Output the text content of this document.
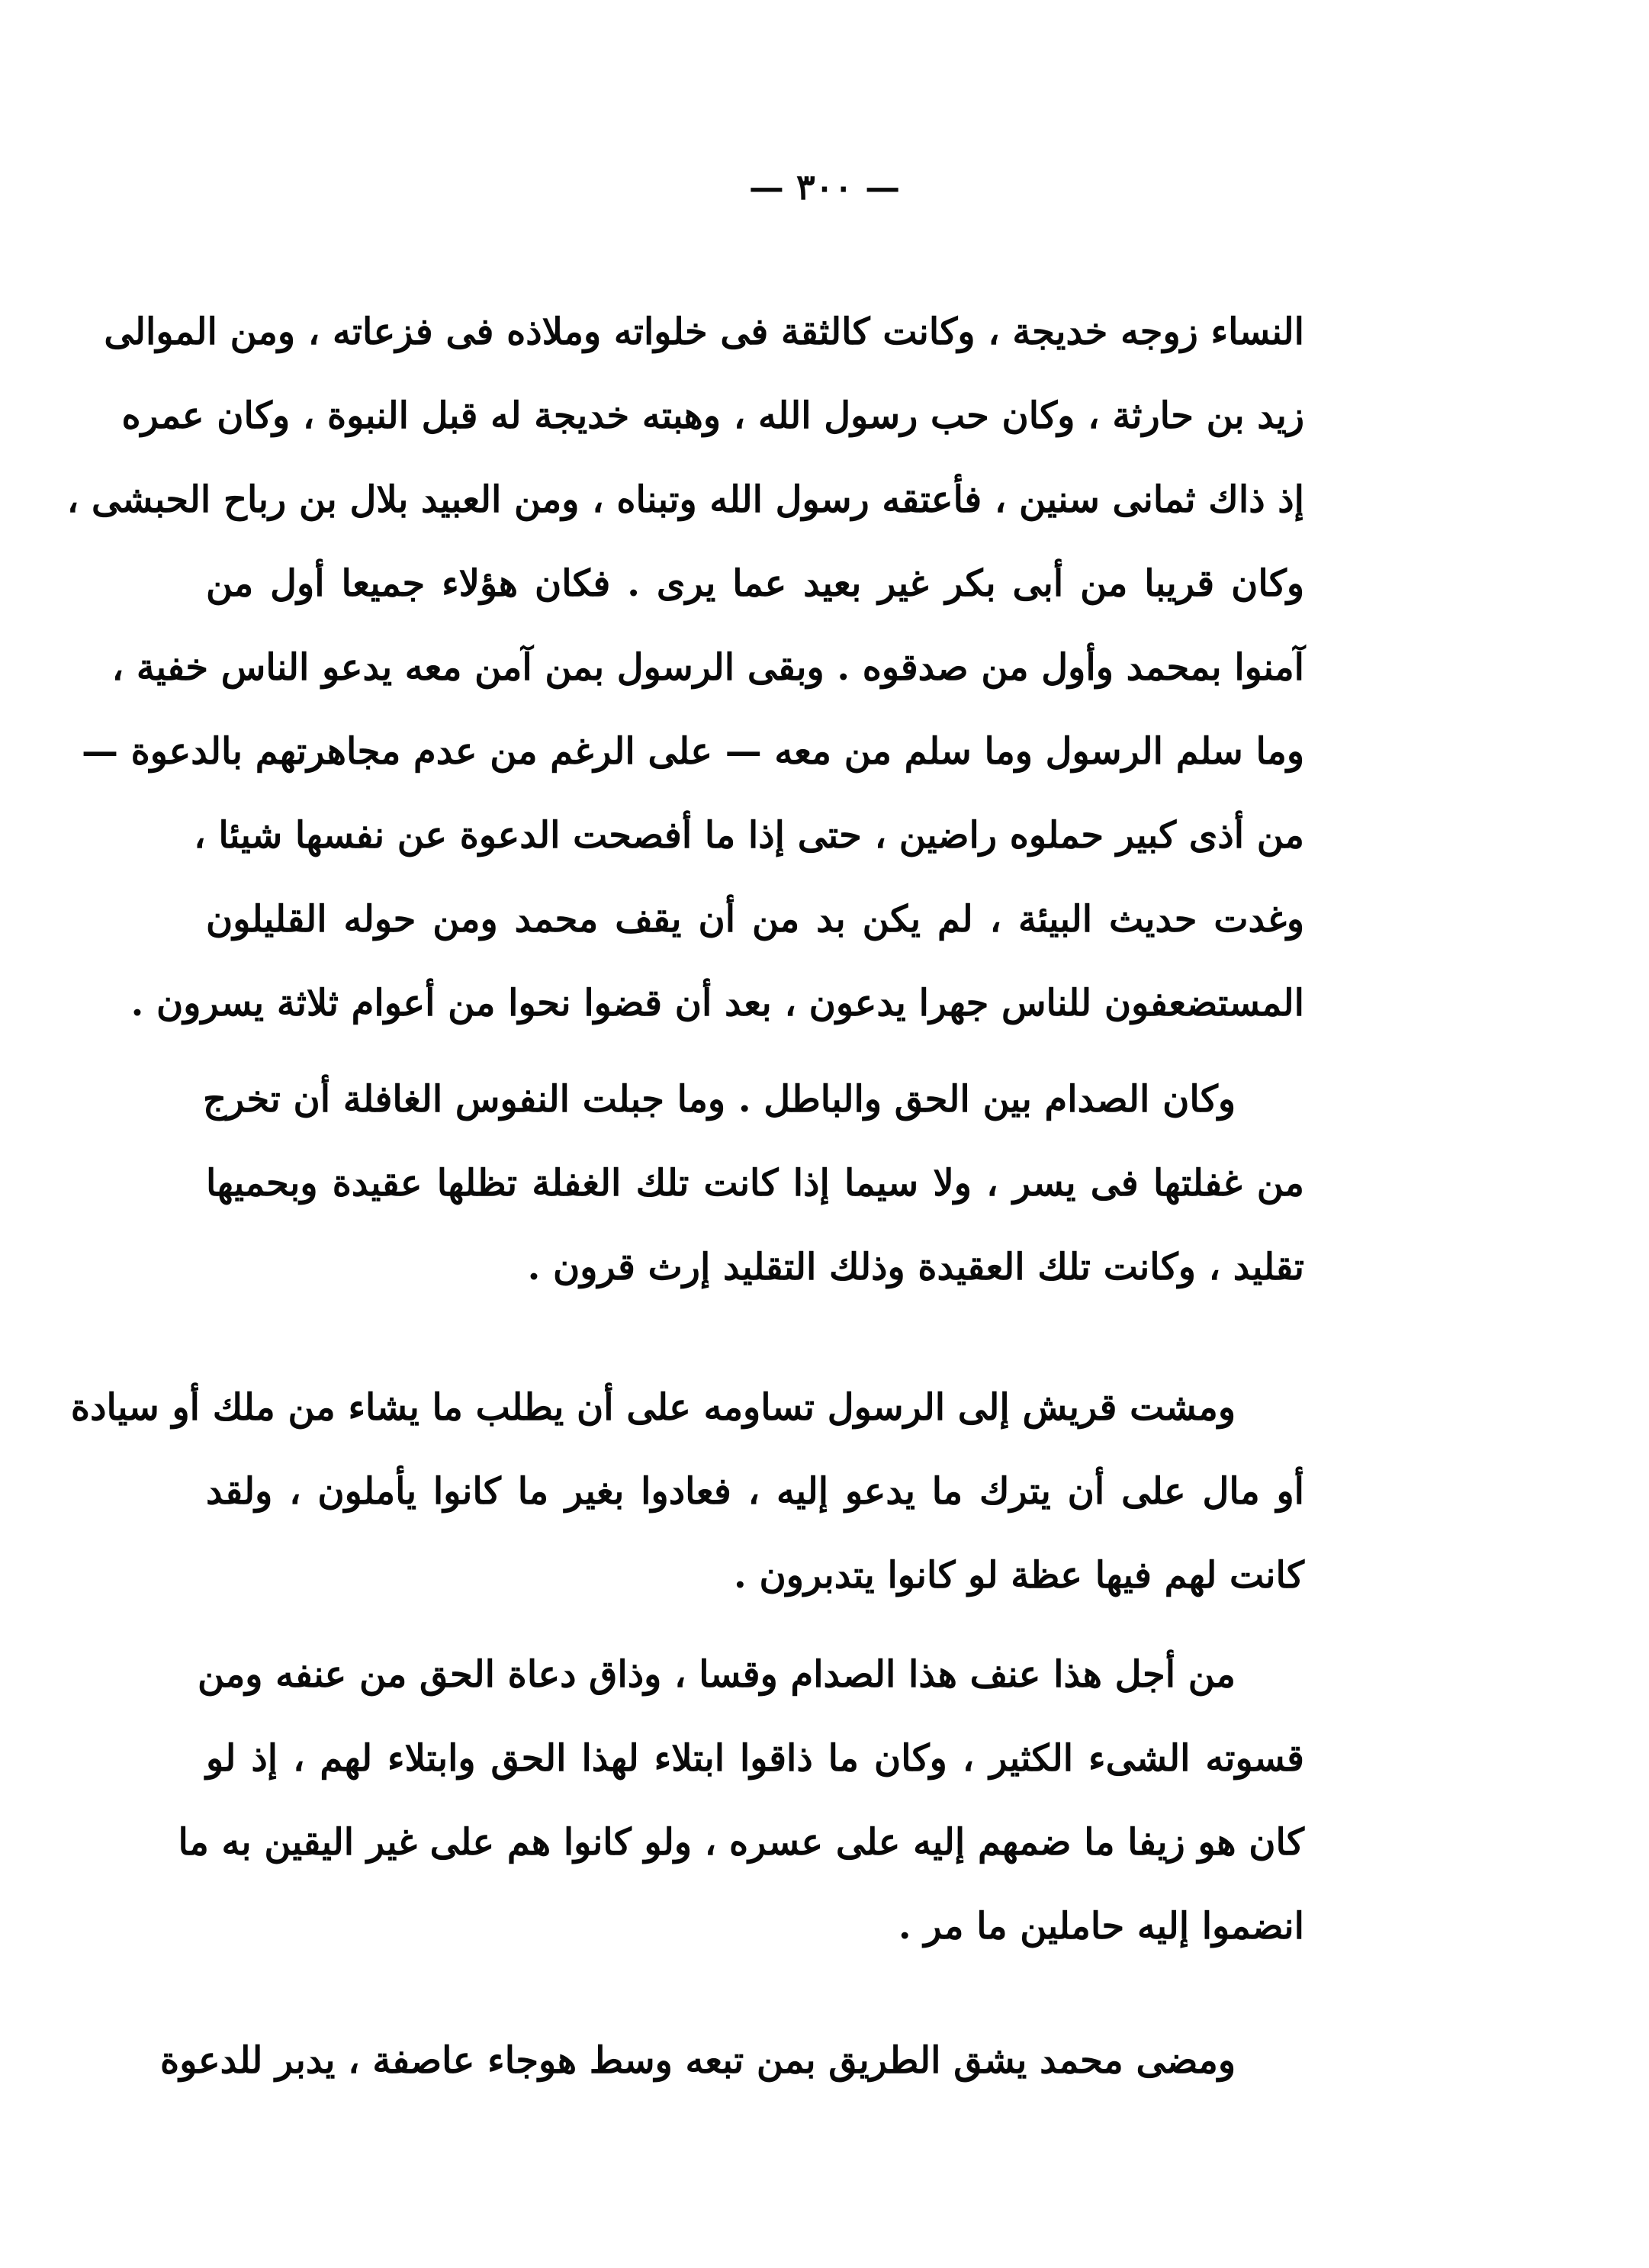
— ٣٠٠ —
النساء زوجه خديجة ، وكانت كالثقة فى خلواته وملاذه فى فزعاته ، ومن الموالى
زيد بن حارثة ، وكان حب رسول الله ، وهبته خديجة له قبل النبوة ، وكان عمره
إذ ذاك ثمانى سنين ، فأعتقه رسول الله وتبناه ، ومن العبيد بلال بن رباح الحبشى ،
وكان قريبا من أبى بكر غير بعيد عما يرى . فكان هؤلاء جميعا أول من
آمنوا بمحمد وأول من صدقوه . وبقى الرسول بمن آمن معه يدعو الناس خفية ،
وما سلم الرسول وما سلم من معه — على الرغم من عدم مجاهرتهم بالدعوة —
من أذى كبير حملوه راضين ، حتى إذا ما أفصحت الدعوة عن نفسها شيئا ،
وغدت حديث البيئة ، لم يكن بد من أن يقف محمد ومن حوله القليلون
المستضعفون للناس جهرا يدعون ، بعد أن قضوا نحوا من أعوام ثلاثة يسرون .
وكان الصدام بين الحق والباطل . وما جبلت النفوس الغافلة أن تخرج
من غفلتها فى يسر ، ولا سيما إذا كانت تلك الغفلة تظلها عقيدة وبحميها
تقليد ، وكانت تلك العقيدة وذلك التقليد إرث قرون .
ومشت قريش إلى الرسول تساومه على أن يطلب ما يشاء من ملك أو سيادة
أو مال على أن يترك ما يدعو إليه ، فعادوا بغير ما كانوا يأملون ، ولقد
كانت لهم فيها عظة لو كانوا يتدبرون .
من أجل هذا عنف هذا الصدام وقسا ، وذاق دعاة الحق من عنفه ومن
قسوته الشىء الكثير ، وكان ما ذاقوا ابتلاء لهذا الحق وابتلاء لهم ، إذ لو
كان هو زيفا ما ضمهم إليه على عسره ، ولو كانوا هم على غير اليقين به ما
انضموا إليه حاملين ما مر .
ومضى محمد يشق الطريق بمن تبعه وسط هوجاء عاصفة ، يدبر للدعوة
